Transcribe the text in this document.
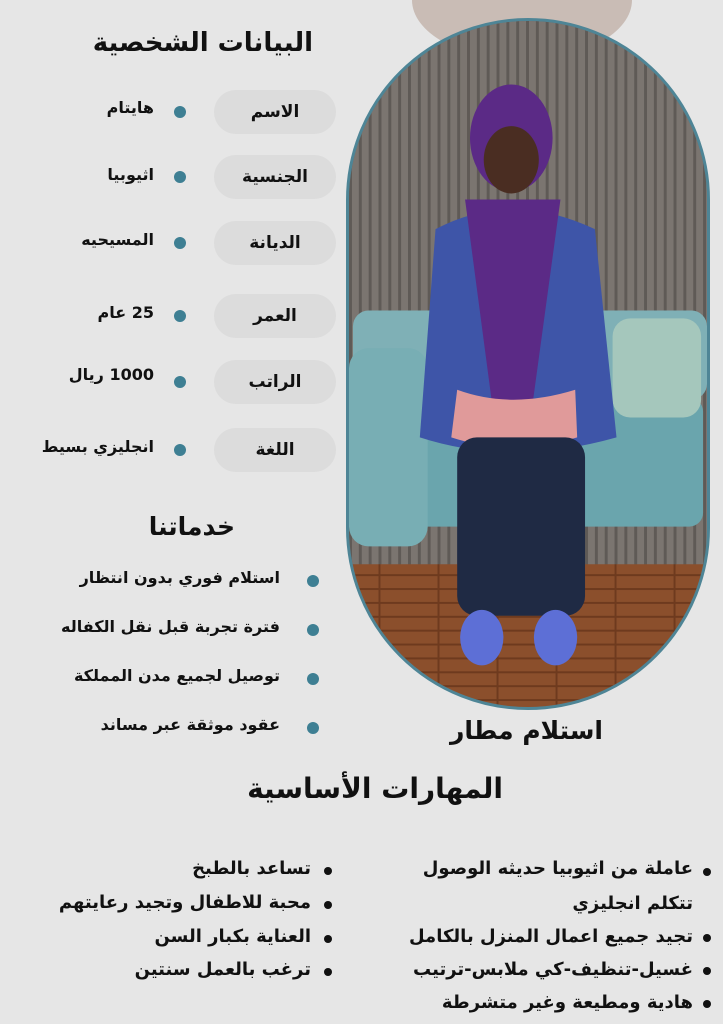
البيانات الشخصية
الاسم
هايتام
الجنسية
اثيوبيا
الديانة
المسيحيه
العمر
25 عام
الراتب
1000 ريال
اللغة
انجليزي بسيط
خدماتنا
استلام فوري بدون انتظار
فترة تجربة قبل نقل الكفاله
توصيل لجميع مدن المملكة
عقود موثقة عبر مساند	استلام مطار
المهارات الأساسية
عاملة من اثيوبيا حديثه الوصول
تتكلم انجليزي
تجيد جميع اعمال المنزل بالكامل
غسيل-تنظيف-كي ملابس-ترتيب
هادية ومطيعة وغير متشرطة
تساعد بالطبخ
محبة للاطفال وتجيد رعايتهم
العناية بكبار السن
ترغب بالعمل سنتين
